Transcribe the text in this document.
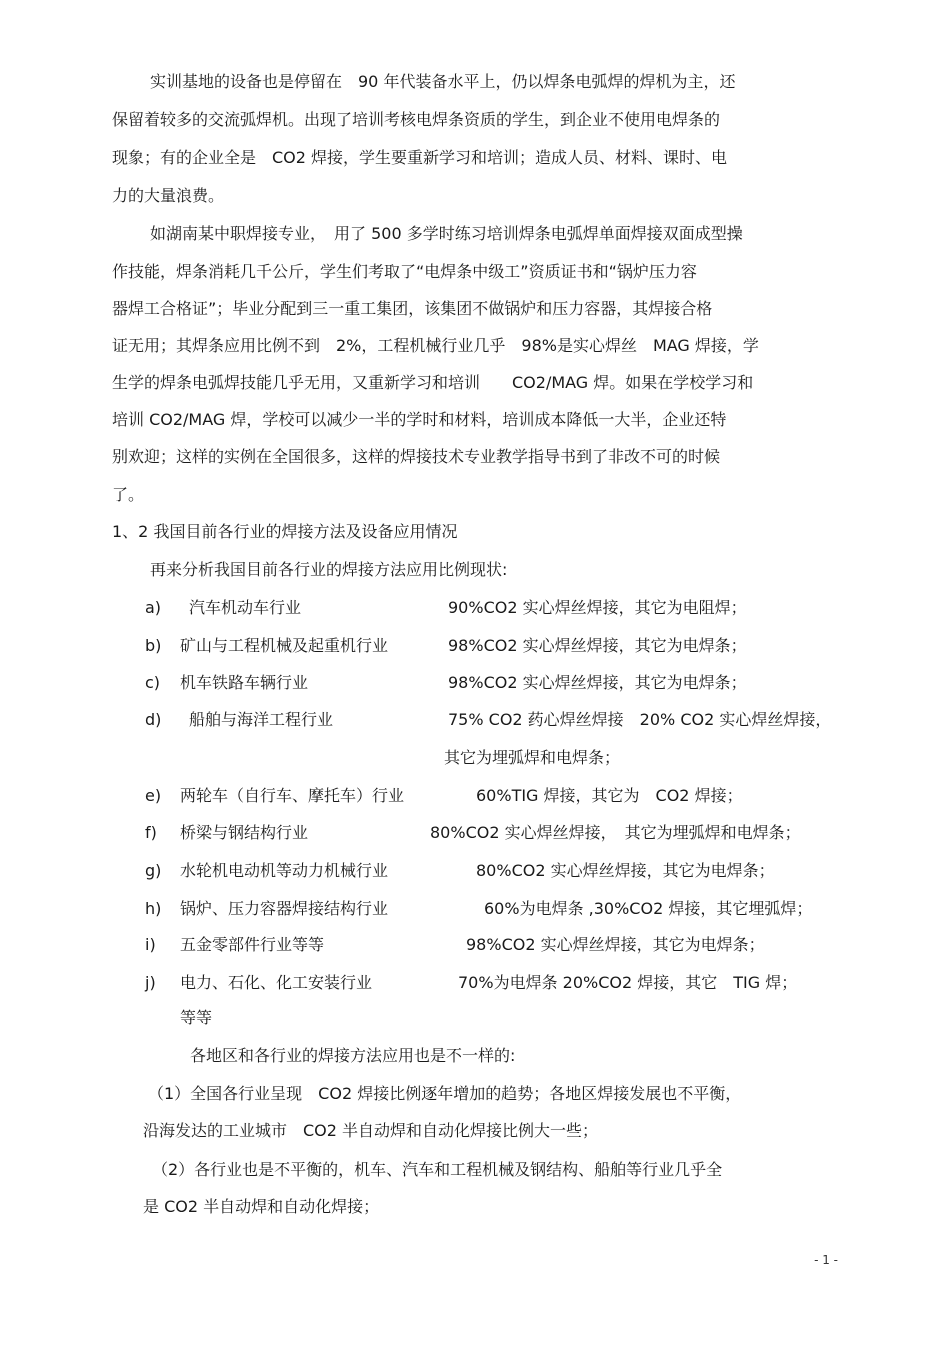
实训基地的设备也是停留在　90 年代装备水平上，仍以焊条电弧焊的焊机为主，还
保留着较多的交流弧焊机。出现了培训考核电焊条资质的学生，到企业不使用电焊条的
现象；有的企业全是　CO2 焊接，学生要重新学习和培训；造成人员、材料、课时、电
力的大量浪费。
如湖南某中职焊接专业，　用了 500 多学时练习培训焊条电弧焊单面焊接双面成型操
作技能，焊条消耗几千公斤，学生们考取了“电焊条中级工”资质证书和“锅炉压力容
器焊工合格证”；毕业分配到三一重工集团，该集团不做锅炉和压力容器，其焊接合格
证无用；其焊条应用比例不到　2%，工程机械行业几乎　98%是实心焊丝　MAG 焊接，学
生学的焊条电弧焊技能几乎无用，又重新学习和培训　　CO2/MAG 焊。如果在学校学习和
培训 CO2/MAG 焊，学校可以减少一半的学时和材料，培训成本降低一大半，企业还特
别欢迎；这样的实例在全国很多，这样的焊接技术专业教学指导书到了非改不可的时候
了。
1、2 我国目前各行业的焊接方法及设备应用情况
再来分析我国目前各行业的焊接方法应用比例现状:
a) 汽车机动车行业	90%CO2 实心焊丝焊接，其它为电阻焊；
b) 矿山与工程机械及起重机行业	98%CO2 实心焊丝焊接，其它为电焊条；
c) 机车铁路车辆行业	98%CO2 实心焊丝焊接，其它为电焊条；
d) 船舶与海洋工程行业	75% CO2 药心焊丝焊接　20% CO2 实心焊丝焊接，
其它为埋弧焊和电焊条；
e) 两轮车（自行车、摩托车）行业	60%TIG 焊接，其它为　CO2 焊接；
f) 桥梁与钢结构行业	80%CO2 实心焊丝焊接，　其它为埋弧焊和电焊条；
g) 水轮机电动机等动力机械行业	80%CO2 实心焊丝焊接，其它为电焊条；
h) 锅炉、压力容器焊接结构行业	60%为电焊条 ,30%CO2 焊接，其它埋弧焊；
i) 五金零部件行业等等	98%CO2 实心焊丝焊接，其它为电焊条；
j) 电力、石化、化工安装行业	70%为电焊条 20%CO2 焊接，其它　TIG 焊；
等等
各地区和各行业的焊接方法应用也是不一样的:
（1）全国各行业呈现　CO2 焊接比例逐年增加的趋势；各地区焊接发展也不平衡，
沿海发达的工业城市　CO2 半自动焊和自动化焊接比例大一些；
（2）各行业也是不平衡的，机车、汽车和工程机械及钢结构、船舶等行业几乎全
是 CO2 半自动焊和自动化焊接；
- 1 -
